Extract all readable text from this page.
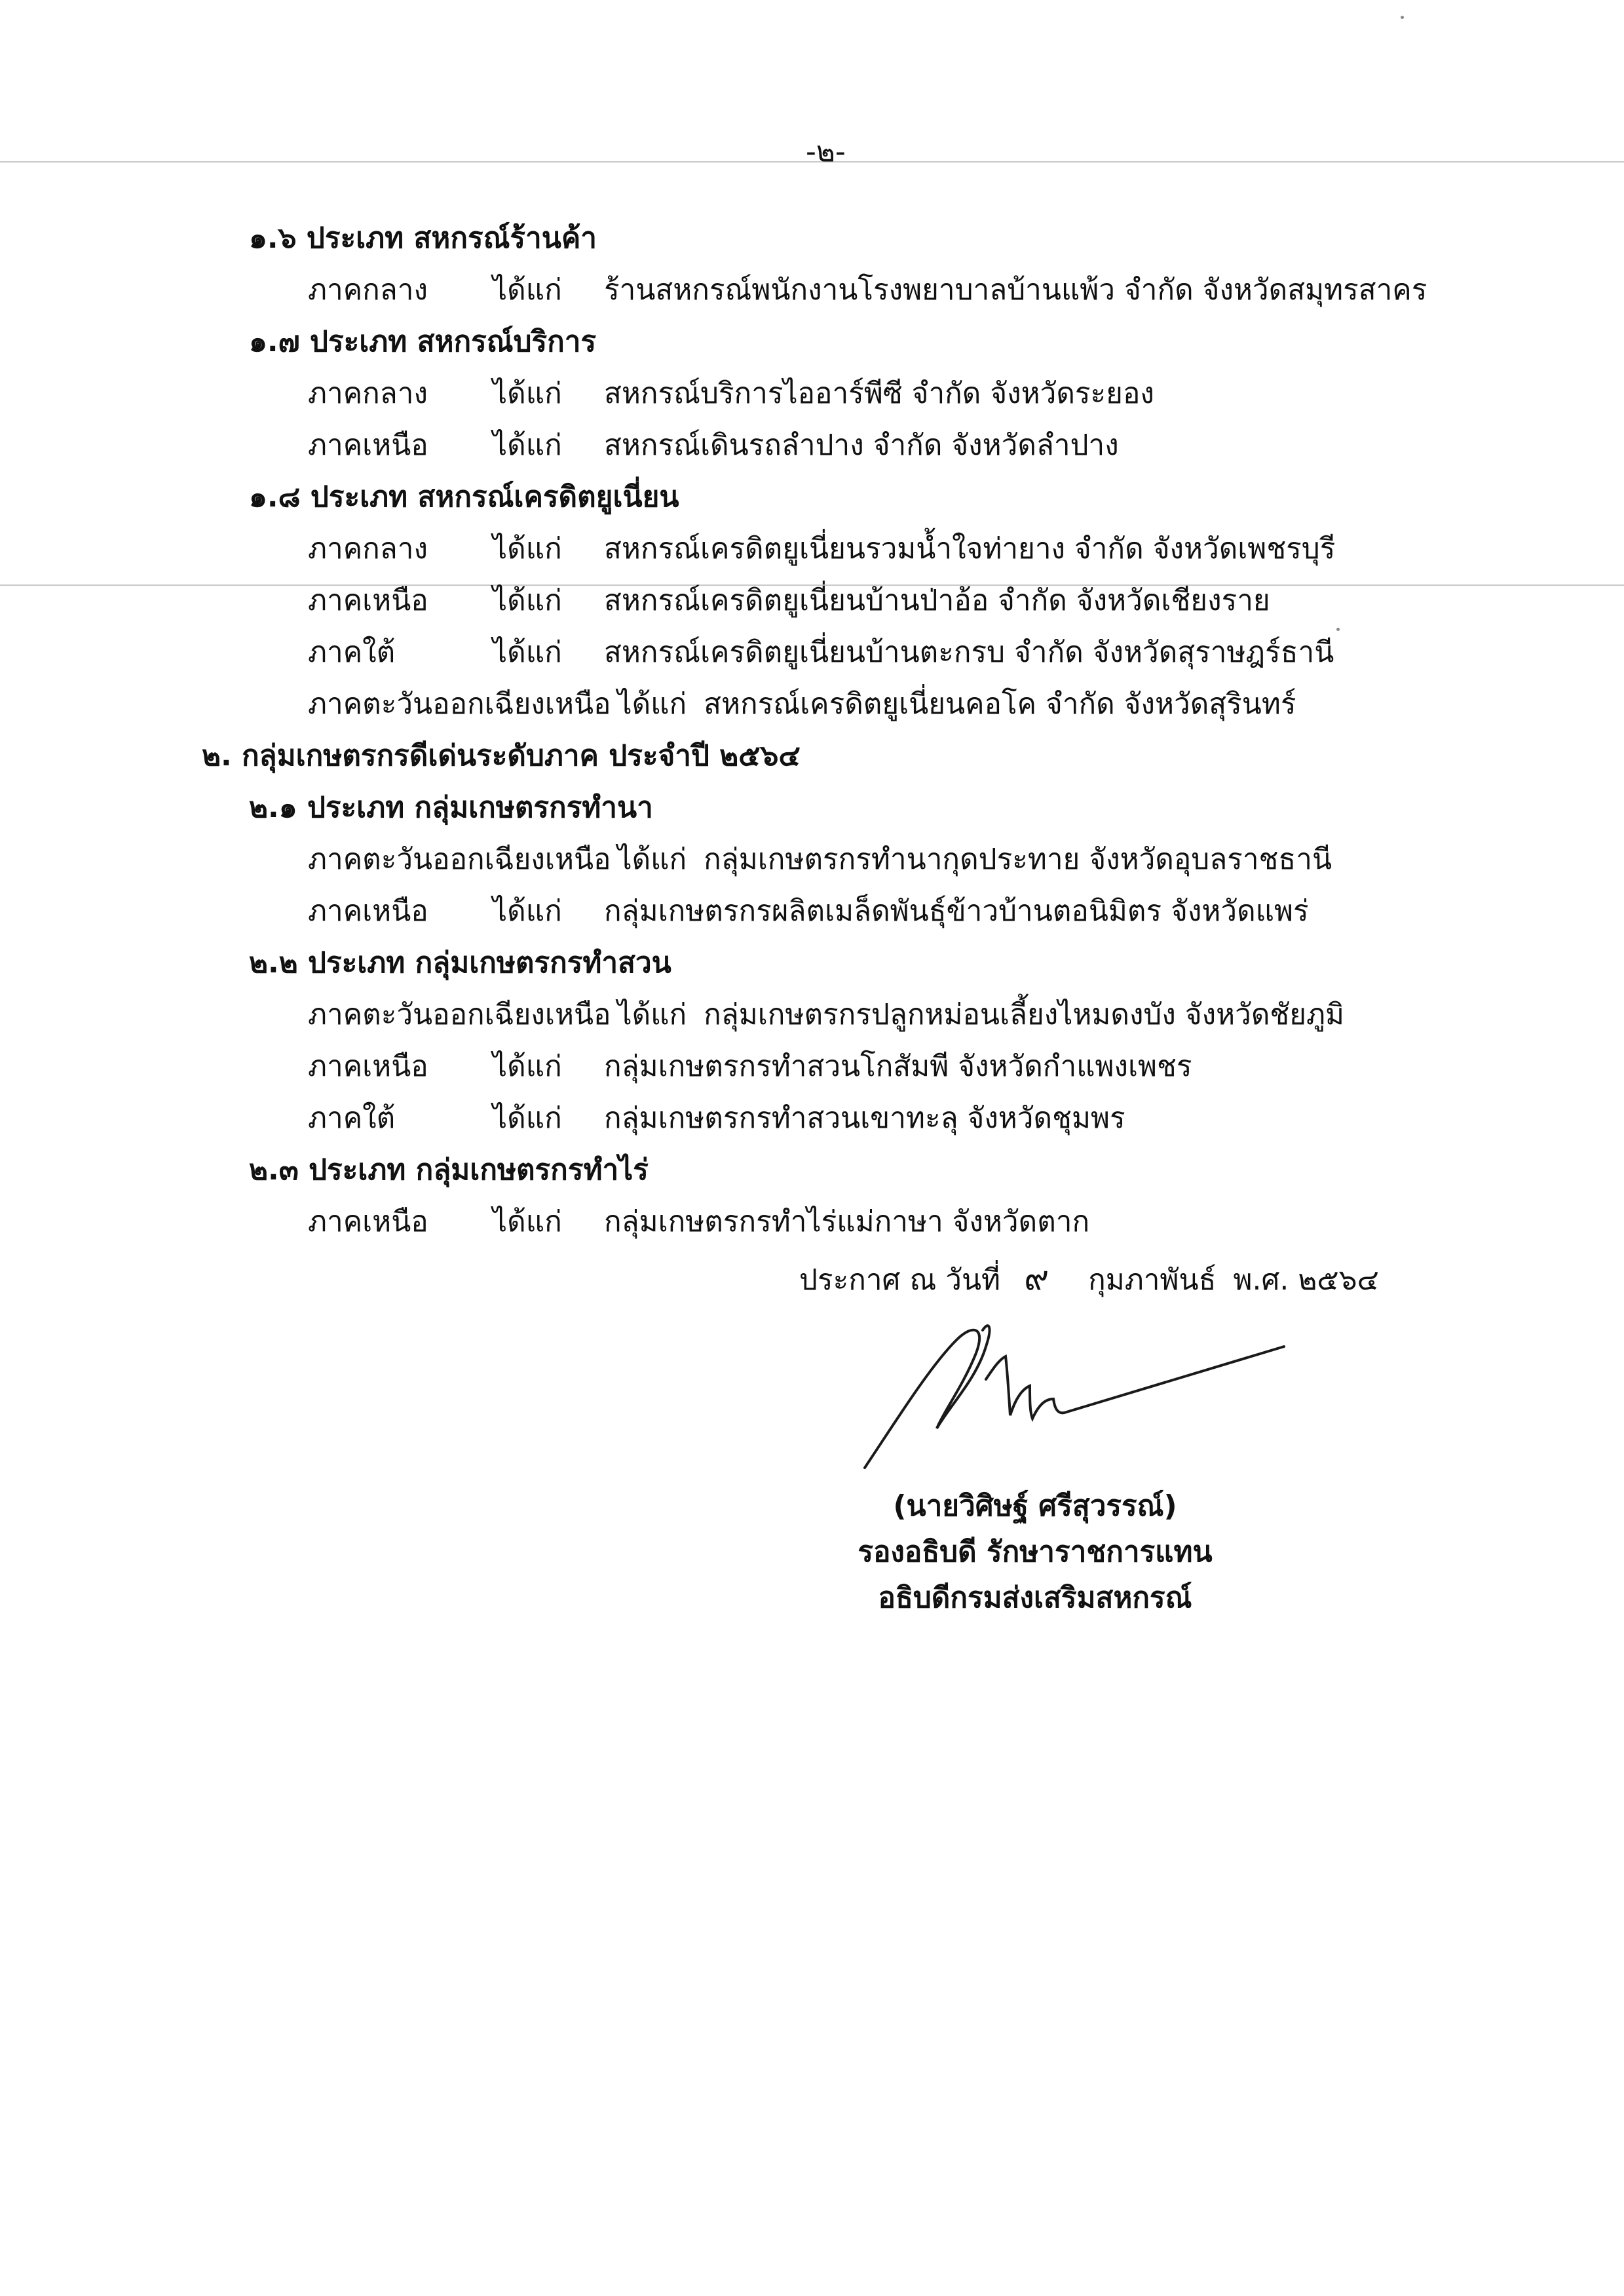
-๒-
๑.๖ ประเภท สหกรณ์ร้านค้า
ภาคกลาง ได้แก่ ร้านสหกรณ์พนักงานโรงพยาบาลบ้านแพ้ว จำกัด จังหวัดสมุทรสาคร
๑.๗ ประเภท สหกรณ์บริการ
ภาคกลาง ได้แก่ สหกรณ์บริการไออาร์พีซี จำกัด จังหวัดระยอง
ภาคเหนือ ได้แก่ สหกรณ์เดินรถลำปาง จำกัด จังหวัดลำปาง
๑.๘ ประเภท สหกรณ์เครดิตยูเนี่ยน
ภาคกลาง ได้แก่ สหกรณ์เครดิตยูเนี่ยนรวมน้ำใจท่ายาง จำกัด จังหวัดเพชรบุรี
ภาคเหนือ ได้แก่ สหกรณ์เครดิตยูเนี่ยนบ้านป่าอ้อ จำกัด จังหวัดเชียงราย
ภาคใต้	ได้แก่ สหกรณ์เครดิตยูเนี่ยนบ้านตะกรบ จำกัด จังหวัดสุราษฎร์ธานี
ภาคตะวันออกเฉียงเหนือ ได้แก่ สหกรณ์เครดิตยูเนี่ยนคอโค จำกัด จังหวัดสุรินทร์
๒. กลุ่มเกษตรกรดีเด่นระดับภาค ประจำปี ๒๕๖๔
๒.๑ ประเภท กลุ่มเกษตรกรทำนา
ภาคตะวันออกเฉียงเหนือ ได้แก่ กลุ่มเกษตรกรทำนากุดประทาย จังหวัดอุบลราชธานี
ภาคเหนือ ได้แก่ กลุ่มเกษตรกรผลิตเมล็ดพันธุ์ข้าวบ้านตอนิมิตร จังหวัดแพร่
๒.๒ ประเภท กลุ่มเกษตรกรทำสวน
ภาคตะวันออกเฉียงเหนือ ได้แก่ กลุ่มเกษตรกรปลูกหม่อนเลี้ยงไหมดงบัง จังหวัดชัยภูมิ
ภาคเหนือ ได้แก่ กลุ่มเกษตรกรทำสวนโกสัมพี จังหวัดกำแพงเพชร
ภาคใต้	ได้แก่ กลุ่มเกษตรกรทำสวนเขาทะลุ จังหวัดชุมพร
๒.๓ ประเภท กลุ่มเกษตรกรทำไร่
ภาคเหนือ ได้แก่ กลุ่มเกษตรกรทำไร่แม่กาษา จังหวัดตาก
ประกาศ ณ วันที่ ๙ กุมภาพันธ์ พ.ศ. ๒๕๖๔
(นายวิศิษฐ์ ศรีสุวรรณ์)
รองอธิบดี รักษาราชการแทน
อธิบดีกรมส่งเสริมสหกรณ์
